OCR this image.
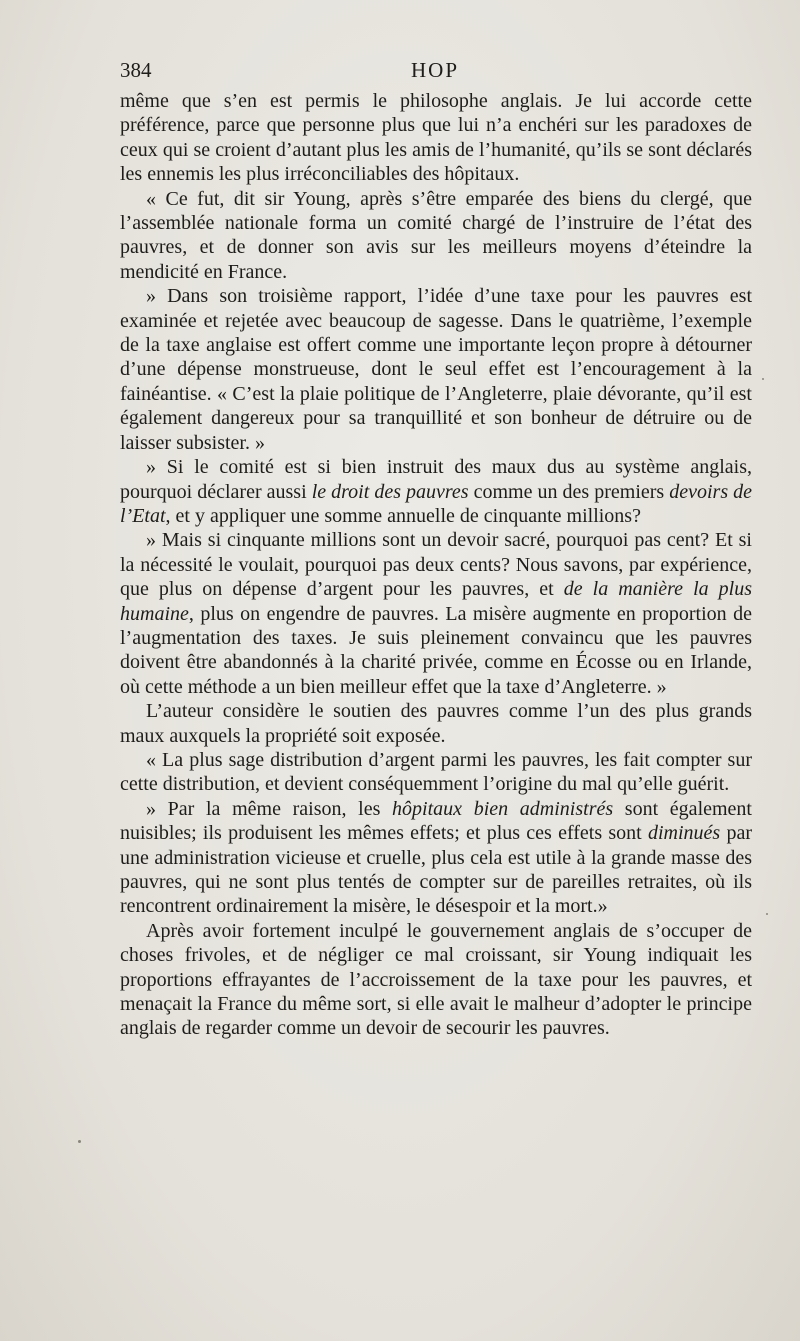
384	HOP

même que s’en est permis le philosophe anglais. Je lui accorde cette préférence, parce que personne plus que lui n’a enchéri sur les paradoxes de ceux qui se croient d’autant plus les amis de l’humanité, qu’ils se sont déclarés les ennemis les plus irréconciliables des hôpitaux.

« Ce fut, dit sir Young, après s’être emparée des biens du clergé, que l’assemblée nationale forma un comité chargé de l’instruire de l’état des pauvres, et de donner son avis sur les meilleurs moyens d’éteindre la mendicité en France.

» Dans son troisième rapport, l’idée d’une taxe pour les pauvres est examinée et rejetée avec beaucoup de sagesse. Dans le quatrième, l’exemple de la taxe anglaise est offert comme une importante leçon propre à détourner d’une dépense monstrueuse, dont le seul effet est l’encouragement à la fainéantise. « C’est la plaie politique de l’Angleterre, plaie dévorante, qu’il est également dangereux pour sa tranquillité et son bonheur de détruire ou de laisser subsister. »

» Si le comité est si bien instruit des maux dus au système anglais, pourquoi déclarer aussi le droit des pauvres comme un des premiers devoirs de l’Etat, et y appliquer une somme annuelle de cinquante millions?

» Mais si cinquante millions sont un devoir sacré, pourquoi pas cent? Et si la nécessité le voulait, pourquoi pas deux cents? Nous savons, par expérience, que plus on dépense d’argent pour les pauvres, et de la manière la plus humaine, plus on engendre de pauvres. La misère augmente en proportion de l’augmentation des taxes. Je suis pleinement convaincu que les pauvres doivent être abandonnés à la charité privée, comme en Écosse ou en Irlande, où cette méthode a un bien meilleur effet que la taxe d’Angleterre. »

L’auteur considère le soutien des pauvres comme l’un des plus grands maux auxquels la propriété soit exposée.

« La plus sage distribution d’argent parmi les pauvres, les fait compter sur cette distribution, et devient conséquemment l’origine du mal qu’elle guérit.

» Par la même raison, les hôpitaux bien administrés sont également nuisibles; ils produisent les mêmes effets; et plus ces effets sont diminués par une administration vicieuse et cruelle, plus cela est utile à la grande masse des pauvres, qui ne sont plus tentés de compter sur de pareilles retraites, où ils rencontrent ordinairement la misère, le désespoir et la mort.»

Après avoir fortement inculpé le gouvernement anglais de s’occuper de choses frivoles, et de négliger ce mal croissant, sir Young indiquait les proportions effrayantes de l’accroissement de la taxe pour les pauvres, et menaçait la France du même sort, si elle avait le malheur d’adopter le principe anglais de regarder comme un devoir de secourir les pauvres.
